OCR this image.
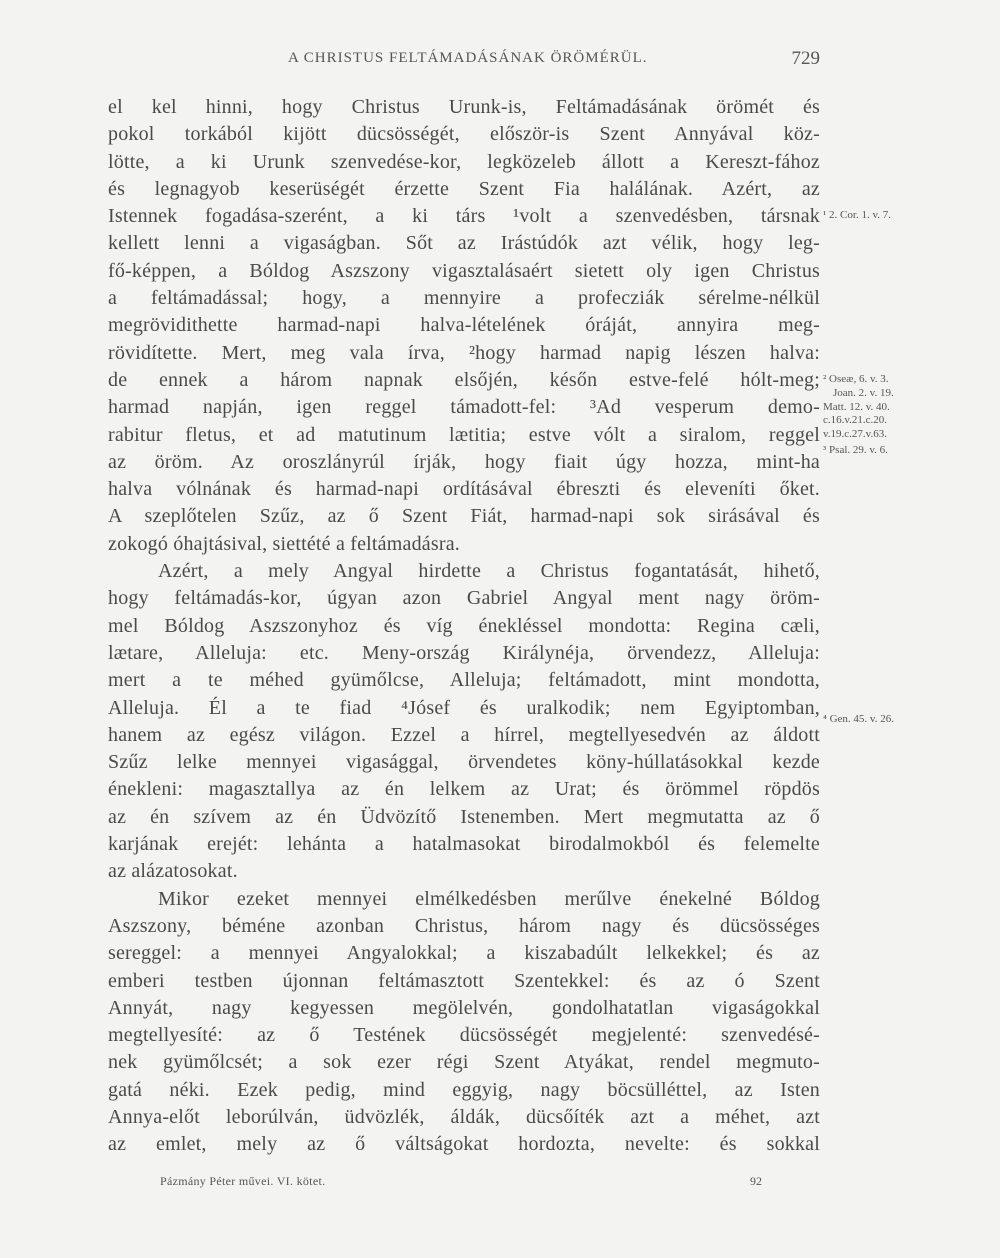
A CHRISTUS FELTÁMADÁSÁNAK ÖRÖMÉRÜL.	729
el kel hinni, hogy Christus Urunk-is, Feltámadásának örömét és
pokol torkából kijött dücsösségét, először-is Szent Annyával köz-
lötte, a ki Urunk szenvedése-kor, legközeleb állott a Kereszt-fához
és legnagyob keserüségét érzette Szent Fia halálának. Azért, az
Istennek fogadása-szerént, a ki társ ¹volt a szenvedésben, társnak
kellett lenni a vigaságban. Sőt az Irástúdók azt vélik, hogy leg-
fő-képpen, a Bóldog Aszszony vigasztalásaért sietett oly igen Christus
a feltámadással; hogy, a mennyire a profecziák sérelme-nélkül
megrövidithette harmad-napi halva-lételének óráját, annyira meg-
rövidítette. Mert, meg vala írva, ²hogy harmad napig lészen halva:
de ennek a három napnak elsőjén, későn estve-felé hólt-meg;
harmad napján, igen reggel támadott-fel: ³Ad vesperum demo-
rabitur fletus, et ad matutinum lætitia; estve vólt a siralom, reggel
az öröm. Az oroszlányrúl írják, hogy fiait úgy hozza, mint-ha
halva vólnának és harmad-napi ordításával ébreszti és eleveníti őket.
A szeplőtelen Szűz, az ő Szent Fiát, harmad-napi sok sirásával és
zokogó óhajtásival, siettété a feltámadásra.
Azért, a mely Angyal hirdette a Christus fogantatását, hihető,
hogy feltámadás-kor, úgyan azon Gabriel Angyal ment nagy öröm-
mel Bóldog Aszszonyhoz és víg énekléssel mondotta: Regina cæli,
lætare, Alleluja: etc. Meny-ország Királynéja, örvendezz, Alleluja:
mert a te méhed gyümőlcse, Alleluja; feltámadott, mint mondotta,
Alleluja. Él a te fiad ⁴Jósef és uralkodik; nem Egyiptomban,
hanem az egész világon. Ezzel a hírrel, megtellyesedvén az áldott
Szűz lelke mennyei vigasággal, örvendetes köny-húllatásokkal kezde
énekleni: magasztallya az én lelkem az Urat; és örömmel röpdös
az én szívem az én Üdvözítő Istenemben. Mert megmutatta az ő
karjának erejét: lehánta a hatalmasokat birodalmokból és felemelte
az alázatosokat.
Mikor ezeket mennyei elmélkedésben merűlve énekelné Bóldog
Aszszony, béméne azonban Christus, három nagy és dücsösséges
sereggel: a mennyei Angyalokkal; a kiszabadúlt lelkekkel; és az
emberi testben újonnan feltámasztott Szentekkel: és az ó Szent
Annyát, nagy kegyessen megölelvén, gondolhatatlan vigaságokkal
megtellyesíté: az ő Testének dücsösségét megjelenté: szenvedésé-
nek gyümőlcsét; a sok ezer régi Szent Atyákat, rendel megmuto-
gatá néki. Ezek pedig, mind eggyig, nagy böcsülléttel, az Isten
Annya-előt leborúlván, üdvözlék, áldák, dücsőíték azt a méhet, azt
az emlet, mely az ő váltságokat hordozta, nevelte: és sokkal
¹ 2. Cor. 1. v. 7.
² Oseæ, 6. v. 3.
Joan. 2. v. 19.
Matt. 12. v. 40.
c.16.v.21.c.20.
v.19.c.27.v.63.
³ Psal. 29. v. 6.
⁴ Gen. 45. v. 26.
Pázmány Péter művei. VI. kötet.	92
